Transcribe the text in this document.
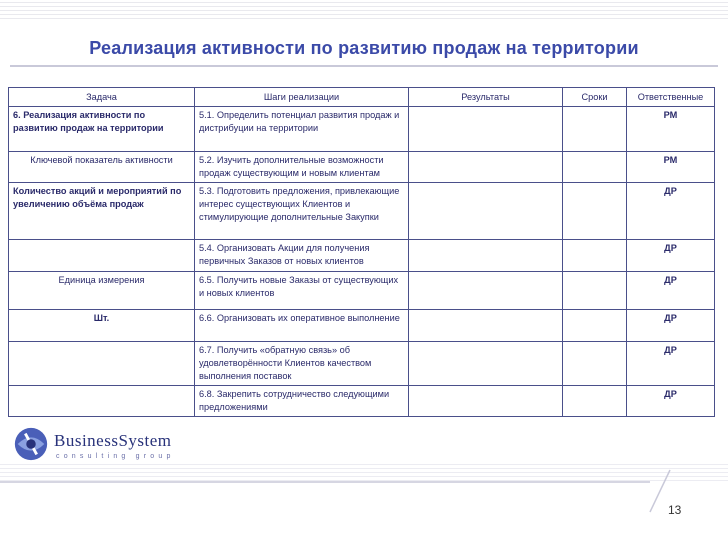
Реализация активности по развитию продаж на территории
Задача	Шаги реализации	Результаты	Сроки	Ответственные
6. Реализация активности по развитию продаж на территории	5.1. Определить потенциал развития продаж и дистрибуции на территории			РМ
Ключевой показатель активности	5.2. Изучить дополнительные возможности продаж существующим и новым клиентам			РМ
Количество акций и мероприятий по увеличению объёма продаж	5.3. Подготовить предложения, привлекающие интерес существующих Клиентов и стимулирующие дополнительные Закупки			ДР
	5.4. Организовать Акции для получения первичных Заказов от новых клиентов			ДР
Единица измерения	6.5. Получить новые Заказы от существующих и новых клиентов			ДР
Шт.	6.6. Организовать их оперативное выполнение			ДР
	6.7. Получить «обратную связь» об удовлетворённости Клиентов качеством выполнения поставок			ДР
	6.8. Закрепить сотрудничество следующими предложениями			ДР
BusinessSystem
consulting group
13
